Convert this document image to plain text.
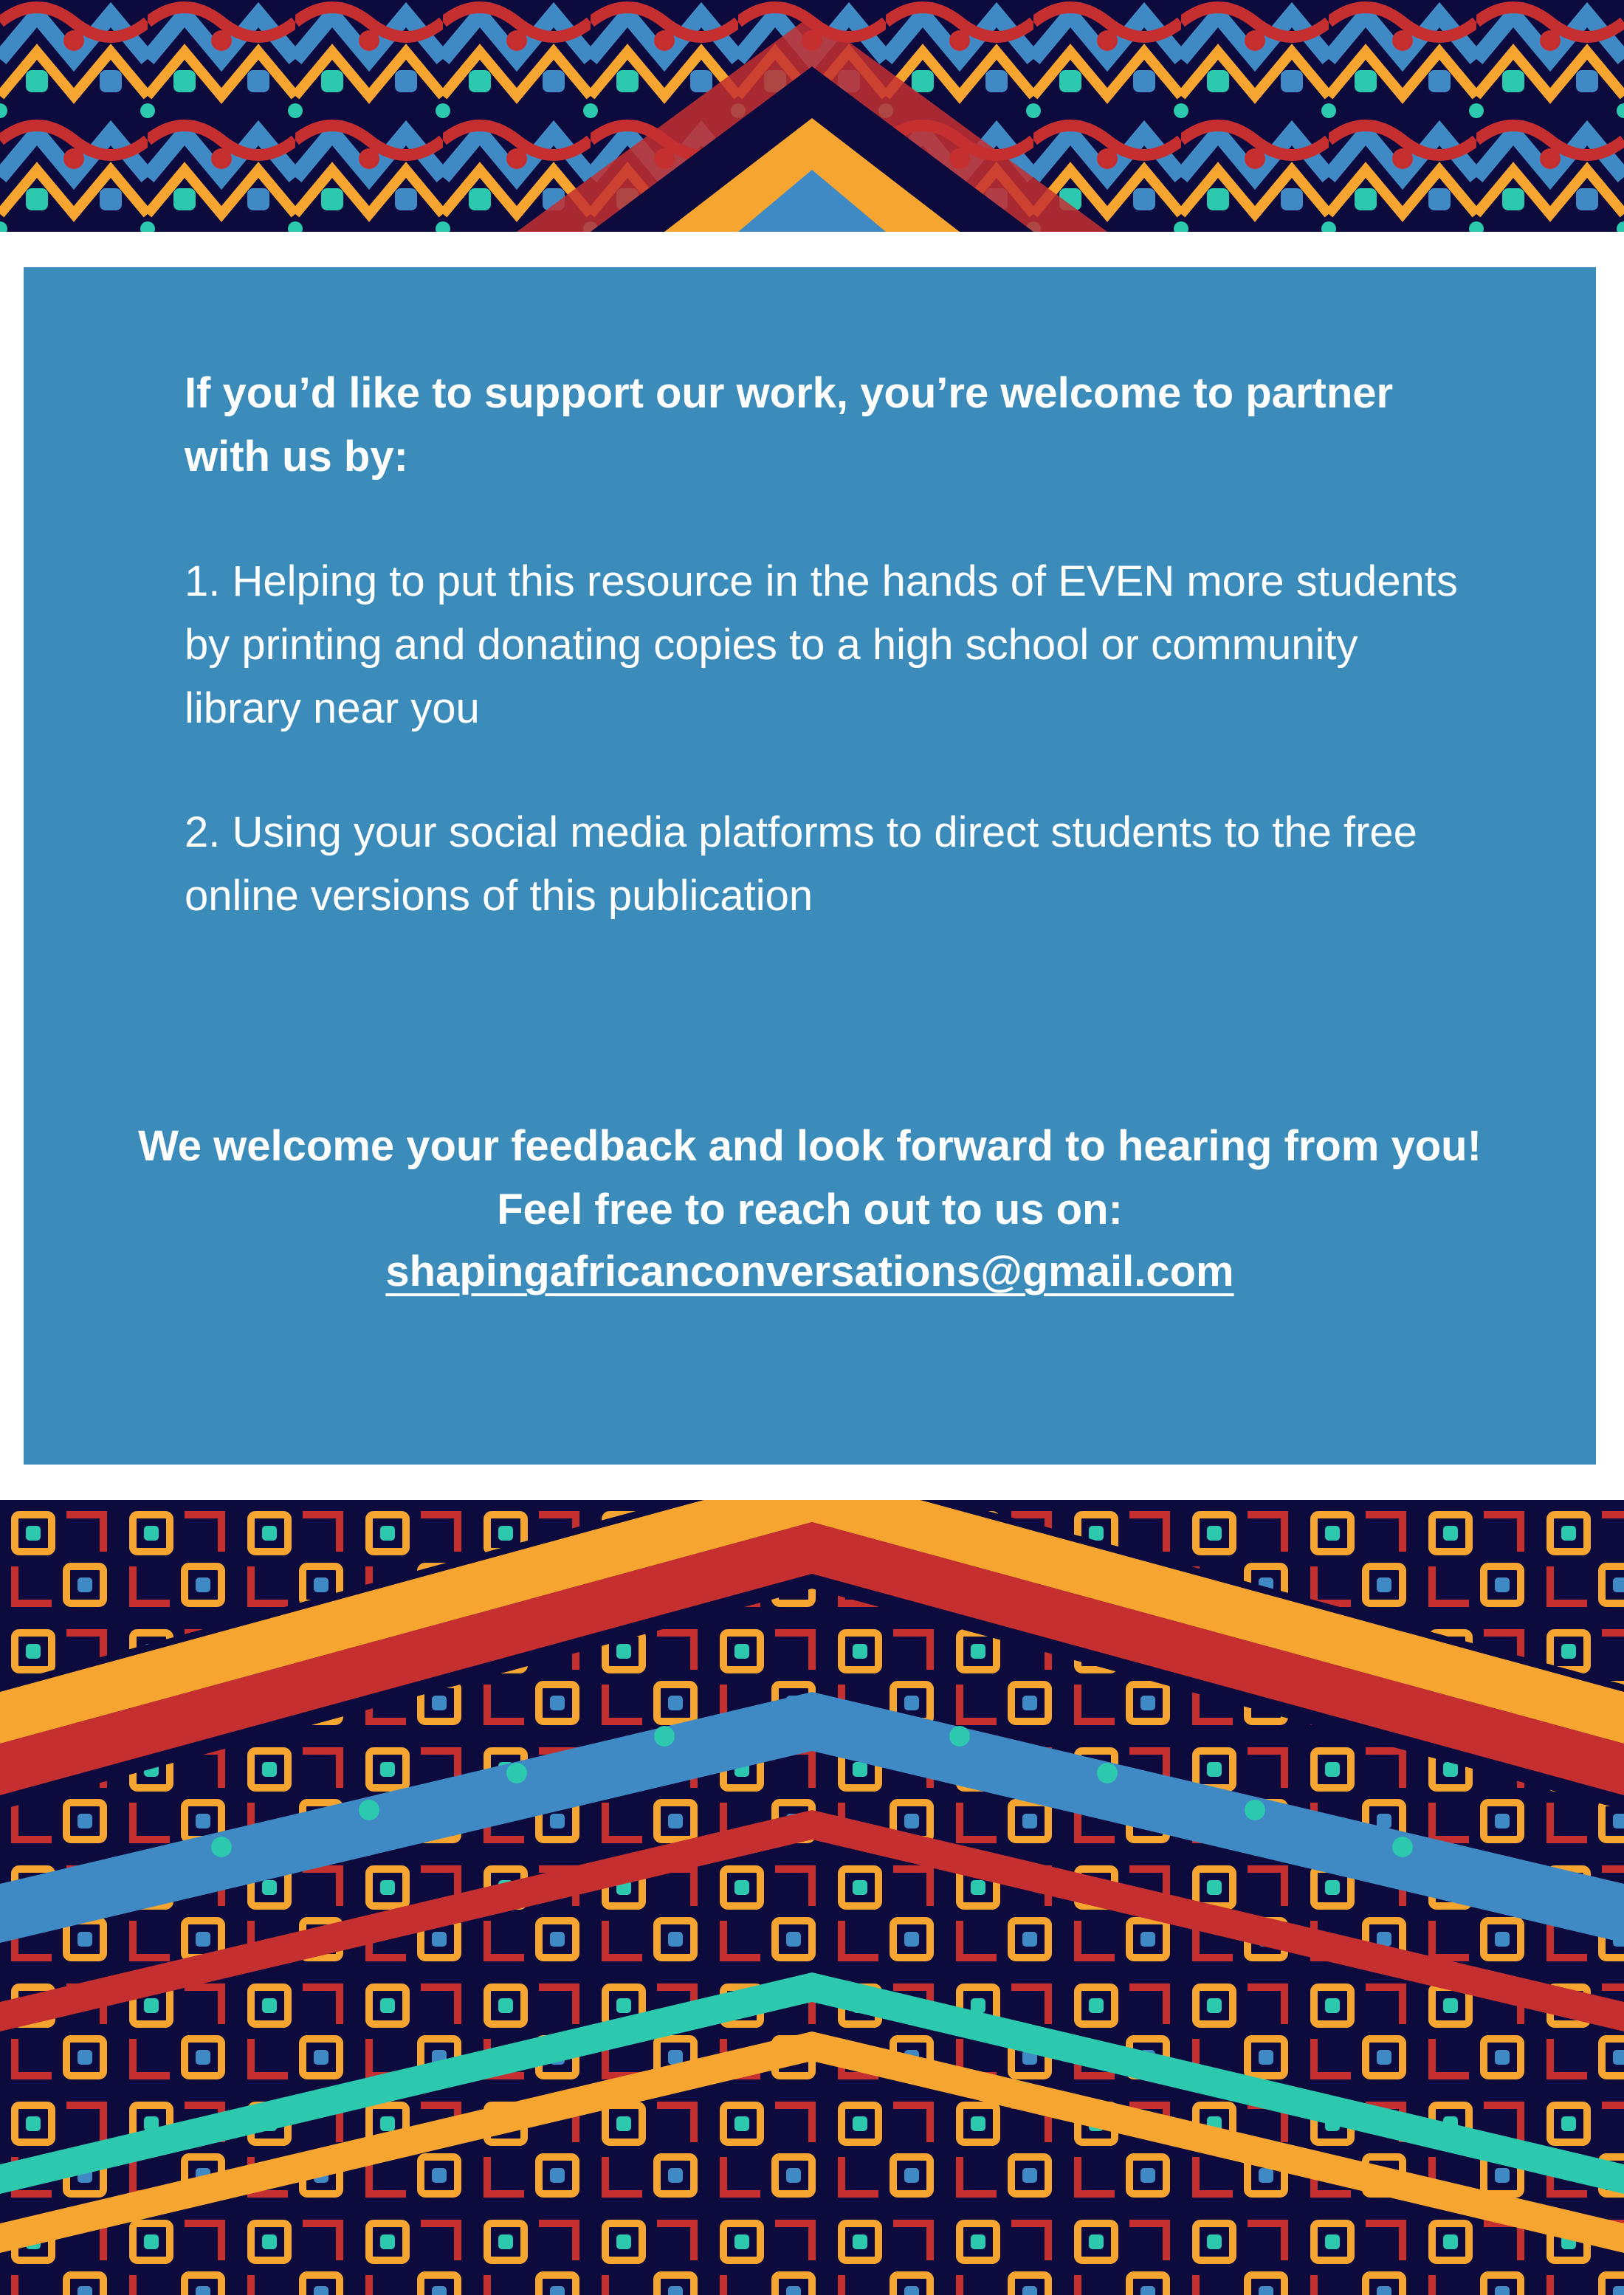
If you’d like to support our work, you’re welcome to partner with us by:

1. Helping to put this resource in the hands of EVEN more students by printing and donating copies to a high school or community library near you

2. Using your social media platforms to direct students to the free online versions of this publication

We welcome your feedback and look forward to hearing from you! Feel free to reach out to us on:

shapingafricanconversations@gmail.com
